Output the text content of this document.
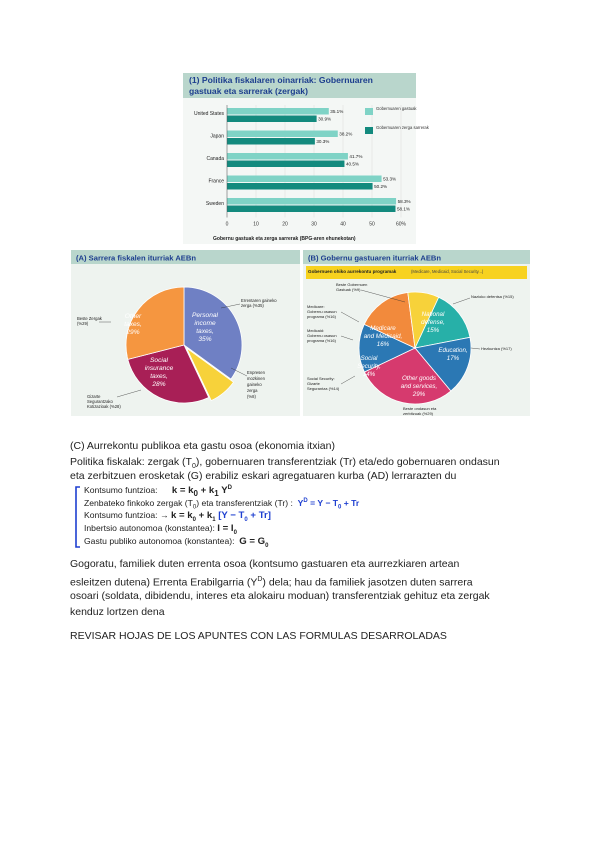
(1) Politika fiskalaren oinarriak: Gobernuaren
gastuak eta sarrerak (zergak)
0	10	20	30	40	50	60%
United States	35.1%
30.9%
Japan	38.2%
30.3%
Canada	41.7%
40.5%
France	53.3%
50.2%
Sweden	58.3%
58.1%
Gobernuaren gastuak
Gobernuaren zerga sarrerak
Gobernu gastuak eta zerga sarrerak (BPG-aren ehunekotan)
(A) Sarrera fiskalen iturriak AEBn
Personal
income
taxes,
35%
Social
insurance
taxes,
28%
Other
taxes,
29%
Errentaren gaineko
zerga (%35)
Enpresen
mozkinen
gaineko
zerga
(%8)
Gizarte
Segurantzako
Kotizazioak (%28)
Beste Zergak
(%29)
(B) Gobernu gastuaren iturriak AEBn
Gobernuen ohiko aurrekontu programak	(Medicare, Medicaid, Social Security...)
National
defense,
15%
Education,
17%
Other goods
and services,
29%
Social
Security,
14%
Medicare
and Medicaid,
16%
Beste Gobernuen
Gastuak (%9)
Nazioko defentsa (%15)
Hezkuntza (%17)
Medicare:
Gobernu osasun
programa (%16)
Medicaid:
Gobernu osasun
programa (%16)
Social Security:
Gizarte
Segurantza (%14)
Beste ondasun eta
zerbitzuak (%29)
(C) Aurrekontu publikoa eta gastu osoa (ekonomia itxian)
Politika fiskalak: zergak $(T_0)$, gobernuaren transferentziak (Tr) eta/edo gobernuaren ondasun
eta zerbitzuen erosketak (G) erabiliz eskari agregatuaren kurba (AD) lerrarazten du
Kontsumo funtzioa: $k = k_0 + k_1$ $Y^D$
Zenbateko finkoko zergak $(T_0)$ eta transferentziak (Tr) : $Y^D = Y - T_0 + Tr$
Kontsumo funtzioa: → $k = k_0 + k_1$ $[Y - T_0 + Tr]$
Inbertsio autonomoa (konstantea): $I = I_0$
Gastu publiko autonomoa (konstantea): $G = G_0$
Gogoratu, familiek duten errenta osoa (kontsumo gastuaren eta aurrezkiaren artean
esleitzen dutena) Errenta Erabilgarria $(Y^D)$ dela; hau da familiek jasotzen duten sarrera
osoari (soldata, dibidendu, interes eta alokairu moduan) transferentziak gehituz eta zergak
kenduz lortzen dena
REVISAR HOJAS DE LOS APUNTES CON LAS FORMULAS DESARROLADAS
